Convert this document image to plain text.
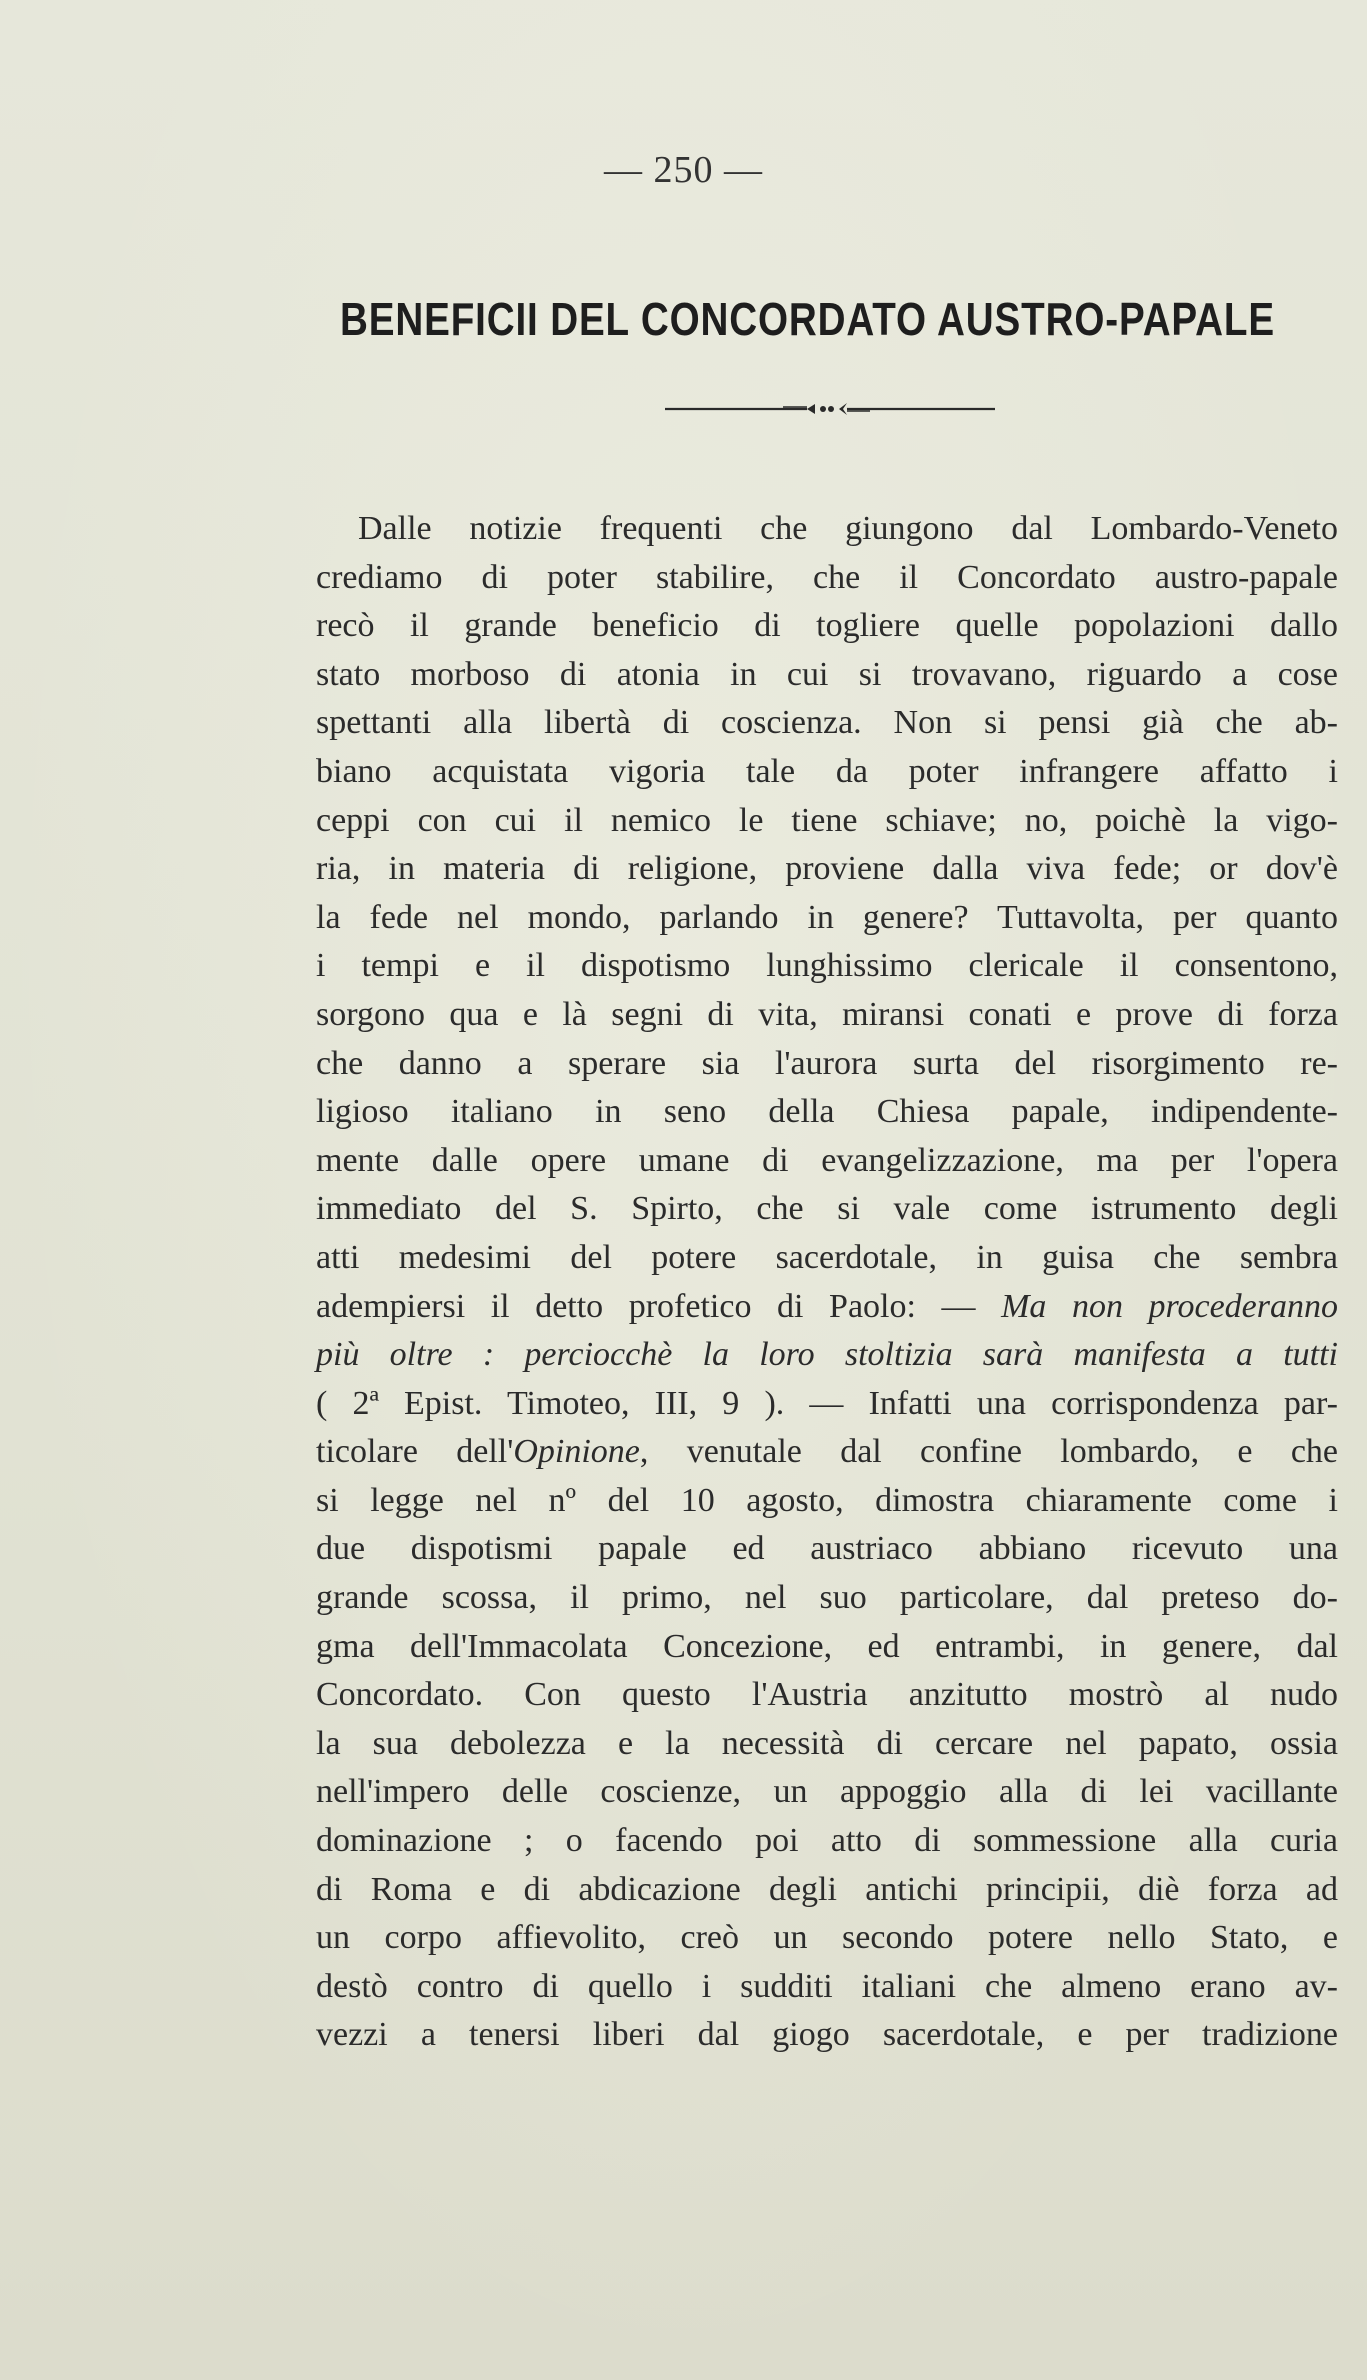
— 250 —
BENEFICII DEL CONCORDATO AUSTRO-PAPALE
Dalle notizie frequenti che giungono dal Lombardo-Veneto
crediamo di poter stabilire, che il Concordato austro-papale
recò il grande beneficio di togliere quelle popolazioni dallo
stato morboso di atonia in cui si trovavano, riguardo a cose
spettanti alla libertà di coscienza. Non si pensi già che ab-
biano acquistata vigoria tale da poter infrangere affatto i
ceppi con cui il nemico le tiene schiave; no, poichè la vigo-
ria, in materia di religione, proviene dalla viva fede; or dov'è
la fede nel mondo, parlando in genere? Tuttavolta, per quanto
i tempi e il dispotismo lunghissimo clericale il consentono,
sorgono qua e là segni di vita, miransi conati e prove di forza
che danno a sperare sia l'aurora surta del risorgimento re-
ligioso italiano in seno della Chiesa papale, indipendente-
mente dalle opere umane di evangelizzazione, ma per l'opera
immediato del S. Spirto, che si vale come istrumento degli
atti medesimi del potere sacerdotale, in guisa che sembra
adempiersi il detto profetico di Paolo: — Ma non procederanno
più oltre : perciocchè la loro stoltizia sarà manifesta a tutti
( 2ª Epist. Timoteo, III, 9 ). — Infatti una corrispondenza par-
ticolare dell'Opinione, venutale dal confine lombardo, e che
si legge nel nº del 10 agosto, dimostra chiaramente come i
due dispotismi papale ed austriaco abbiano ricevuto una
grande scossa, il primo, nel suo particolare, dal preteso do-
gma dell'Immacolata Concezione, ed entrambi, in genere, dal
Concordato. Con questo l'Austria anzitutto mostrò al nudo
la sua debolezza e la necessità di cercare nel papato, ossia
nell'impero delle coscienze, un appoggio alla di lei vacillante
dominazione ; o facendo poi atto di sommessione alla curia
di Roma e di abdicazione degli antichi principii, diè forza ad
un corpo affievolito, creò un secondo potere nello Stato, e
destò contro di quello i sudditi italiani che almeno erano av-
vezzi a tenersi liberi dal giogo sacerdotale, e per tradizione
